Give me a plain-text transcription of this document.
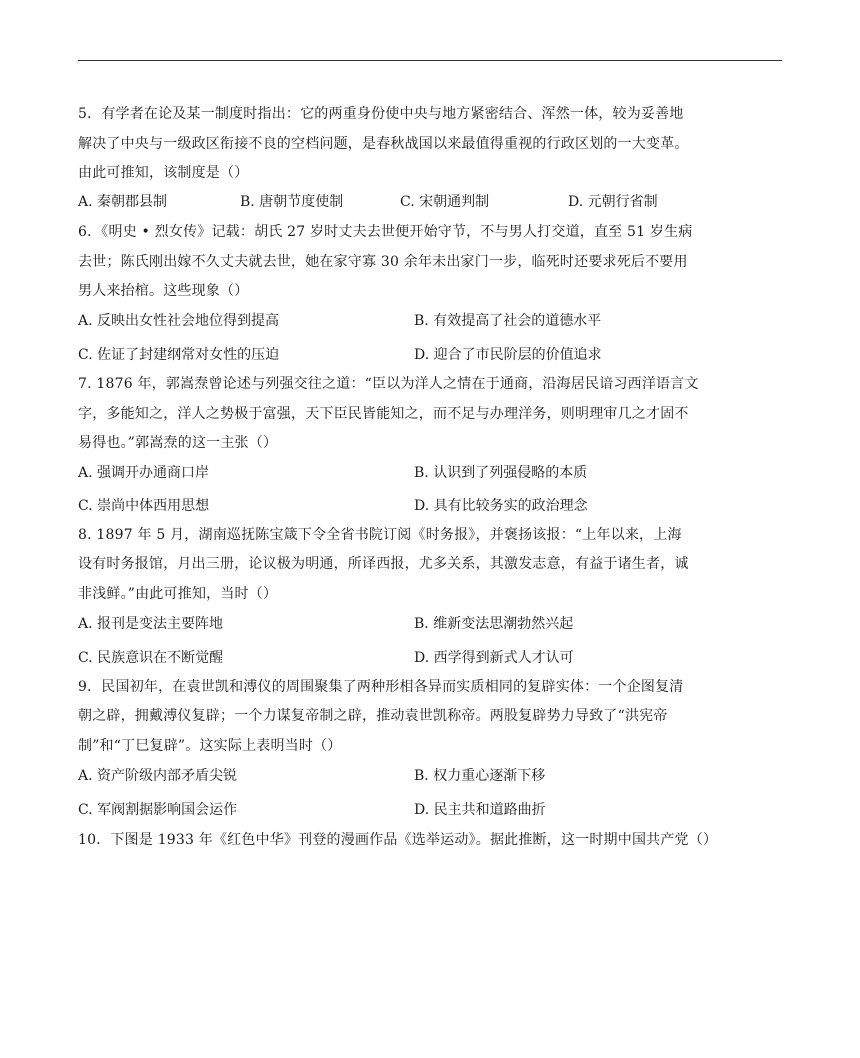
5．有学者在论及某一制度时指出：它的两重身份使中央与地方紧密结合、浑然一体，较为妥善地
解决了中央与一级政区衔接不良的空档问题，是春秋战国以来最值得重视的行政区划的一大变革。
由此可推知，该制度是（）
A. 秦朝郡县制	B. 唐朝节度使制	C. 宋朝通判制	D. 元朝行省制
6．《明史 • 烈女传》记载：胡氏 27 岁时丈夫去世便开始守节，不与男人打交道，直至 51 岁生病
去世；陈氏刚出嫁不久丈夫就去世，她在家守寡 30 余年未出家门一步，临死时还要求死后不要用
男人来抬棺。这些现象（）
A. 反映出女性社会地位得到提高	B. 有效提高了社会的道德水平
C. 佐证了封建纲常对女性的压迫	D. 迎合了市民阶层的价值追求
7. 1876 年，郭嵩焘曾论述与列强交往之道：“臣以为洋人之情在于通商，沿海居民谙习西洋语言文
字，多能知之，洋人之势极于富强，天下臣民皆能知之，而不足与办理洋务，则明理审几之才固不
易得也。”郭嵩焘的这一主张（）
A. 强调开办通商口岸	B. 认识到了列强侵略的本质
C. 崇尚中体西用思想	D. 具有比较务实的政治理念
8. 1897 年 5 月，湖南巡抚陈宝箴下令全省书院订阅《时务报》，并褒扬该报：“上年以来，上海
设有时务报馆，月出三册，论议极为明通，所译西报，尤多关系，其激发志意，有益于诸生者，诚
非浅鲜。”由此可推知，当时（）
A. 报刊是变法主要阵地	B. 维新变法思潮勃然兴起
C. 民族意识在不断觉醒	D. 西学得到新式人才认可
9．民国初年，在袁世凯和溥仪的周围聚集了两种形相各异而实质相同的复辟实体：一个企图复清
朝之辟，拥戴溥仪复辟；一个力谋复帝制之辟，推动袁世凯称帝。两股复辟势力导致了“洪宪帝
制”和“丁巳复辟”。这实际上表明当时（）
A. 资产阶级内部矛盾尖锐	B. 权力重心逐渐下移
C. 军阀割据影响国会运作	D. 民主共和道路曲折
10．下图是 1933 年《红色中华》刊登的漫画作品《选举运动》。据此推断，这一时期中国共产党（）
